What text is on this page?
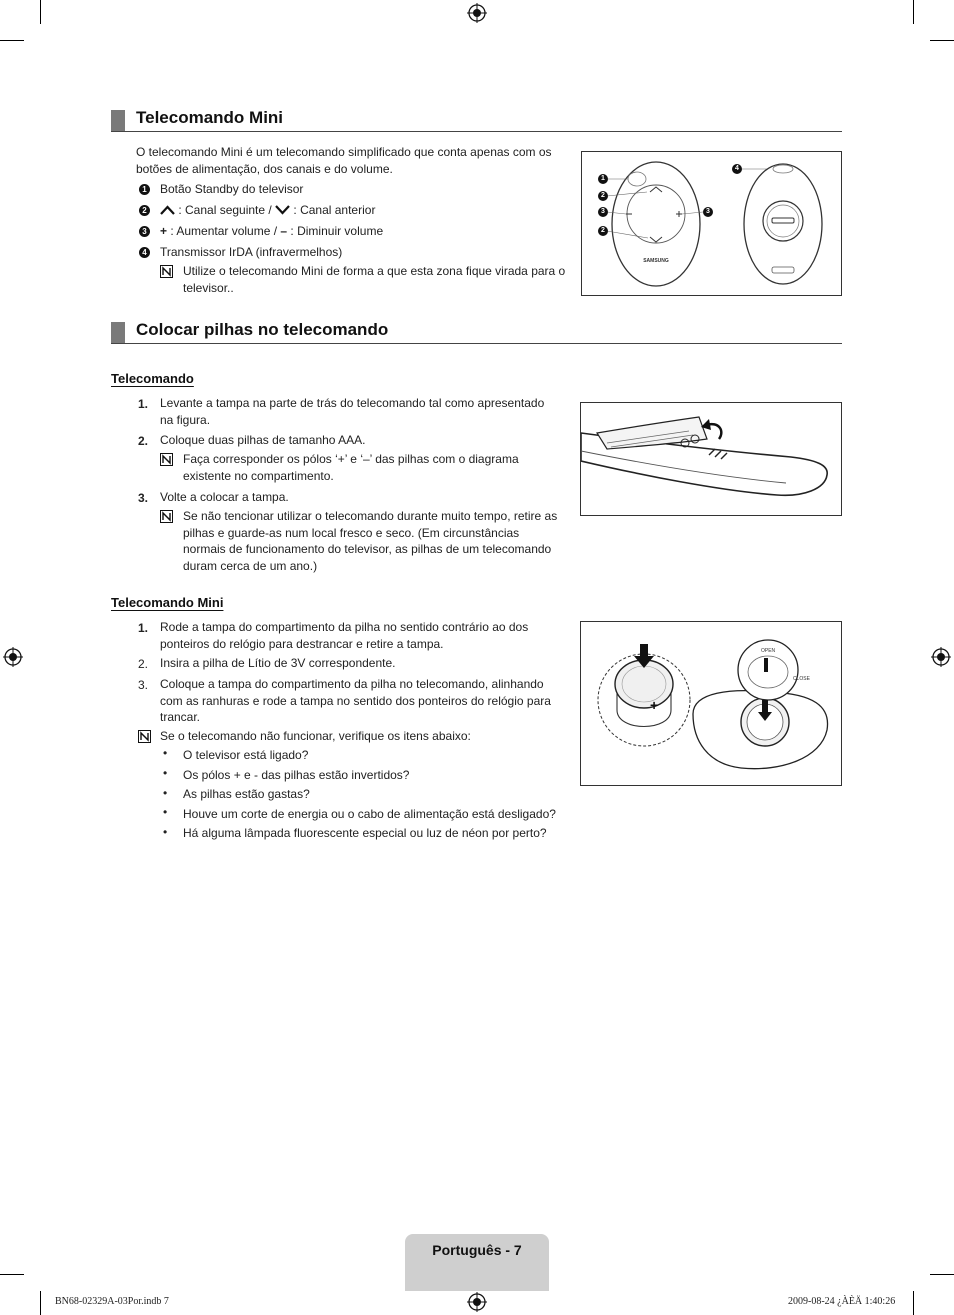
Telecomando Mini
O telecomando Mini é um telecomando simplificado que conta apenas com os botões de alimentação, dos canais e do volume.
1 Botão Standby do televisor
2	: Canal seguinte /  : Canal anterior
3 + : Aumentar volume / – : Diminuir volume
4 Transmissor IrDA (infravermelhos)
Utilize o telecomando Mini de forma a que esta zona fique virada para o televisor..
SAMSUNG
1
2
3
2
3
4
Colocar pilhas no telecomando
Telecomando
1. Levante a tampa na parte de trás do telecomando tal como apresentado na figura.
2. Coloque duas pilhas de tamanho AAA.
Faça corresponder os pólos ‘+’ e ‘–’ das pilhas com o diagrama existente no compartimento.
3. Volte a colocar a tampa.
Se não tencionar utilizar o telecomando durante muito tempo, retire as pilhas e guarde-as num local fresco e seco. (Em circunstâncias normais de funcionamento do televisor, as pilhas de um telecomando duram cerca de um ano.)
Telecomando Mini
1. Rode a tampa do compartimento da pilha no sentido contrário ao dos ponteiros do relógio para destrancar e retire a tampa.
2. Insira a pilha de Lítio de 3V correspondente.
3. Coloque a tampa do compartimento da pilha no telecomando, alinhando com as ranhuras e rode a tampa no sentido dos ponteiros do relógio para trancar.
Se o telecomando não funcionar, verifique os itens abaixo:
• O televisor está ligado?
• Os pólos + e - das pilhas estão invertidos?
• As pilhas estão gastas?
• Houve um corte de energia ou o cabo de alimentação está desligado?
• Há alguma lâmpada fluorescente especial ou luz de néon por perto?
+
OPEN
CLOSE
Português - 7
BN68-02329A-03Por.indb 7	2009-08-24 ¿ÀÈÄ 1:40:26
